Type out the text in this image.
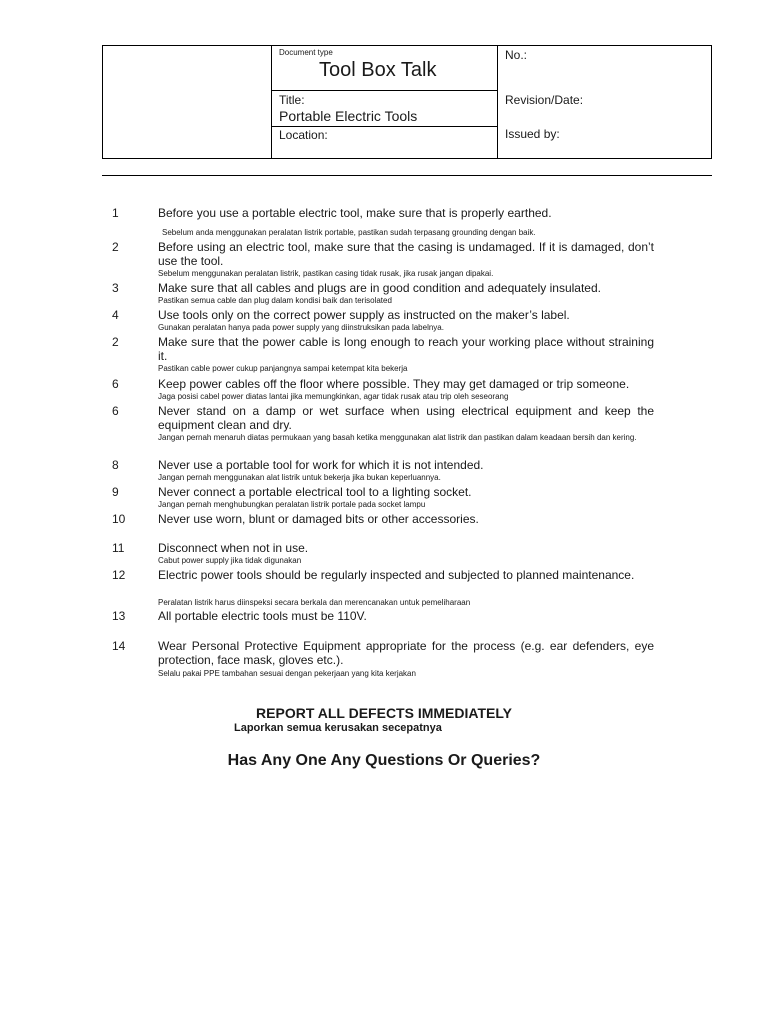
Document type
Tool Box Talk
Title:
Portable Electric Tools
Location:
No.:
Revision/Date:
Issued by:
1	Before you use a portable electric tool, make sure that is properly earthed.
Sebelum anda menggunakan peralatan listrik portable, pastikan sudah terpasang grounding dengan baik.
2	Before using an electric tool, make sure that the casing is undamaged. If it is damaged, don’t use the tool.
Sebelum menggunakan peralatan listrik, pastikan casing tidak rusak, jika rusak jangan dipakai.
3	Make sure that all cables and plugs are in good condition and adequately insulated.
Pastikan semua cable dan plug dalam kondisi baik dan terisolated
4	Use tools only on the correct power supply as instructed on the maker’s label.
Gunakan peralatan hanya pada power supply yang diinstruksikan pada labelnya.
2	Make sure that the power cable is long enough to reach your working place without straining it.
Pastikan cable power cukup panjangnya sampai ketempat kita bekerja
6	Keep power cables off the floor where possible. They may get damaged or trip someone.
Jaga posisi cabel power diatas lantai jika memungkinkan, agar tidak rusak atau trip oleh seseorang
6	Never stand on a damp or wet surface when using electrical equipment and keep the equipment clean and dry.
Jangan pernah menaruh diatas permukaan yang basah ketika menggunakan alat listrik dan pastikan dalam keadaan bersih dan kering.
8	Never use a portable tool for work for which it is not intended.
Jangan pernah menggunakan alat listrik untuk bekerja jika bukan keperluannya.
9	Never connect a portable electrical tool to a lighting socket.
Jangan pernah menghubungkan peralatan listrik portale pada socket lampu
10	Never use worn, blunt or damaged bits or other accessories.
11	Disconnect when not in use.
Cabut power supply jika tidak digunakan
12	Electric power tools should be regularly inspected and subjected to planned maintenance.
Peralatan listrik harus diinspeksi secara berkala dan merencanakan untuk pemeliharaan
13	All portable electric tools must be 110V.
14	Wear Personal Protective Equipment appropriate for the process (e.g. ear defenders, eye protection, face mask, gloves etc.).
Selalu pakai PPE tambahan sesuai dengan pekerjaan yang kita kerjakan
REPORT ALL DEFECTS IMMEDIATELY
Laporkan semua kerusakan secepatnya
Has Any One Any Questions Or Queries?
